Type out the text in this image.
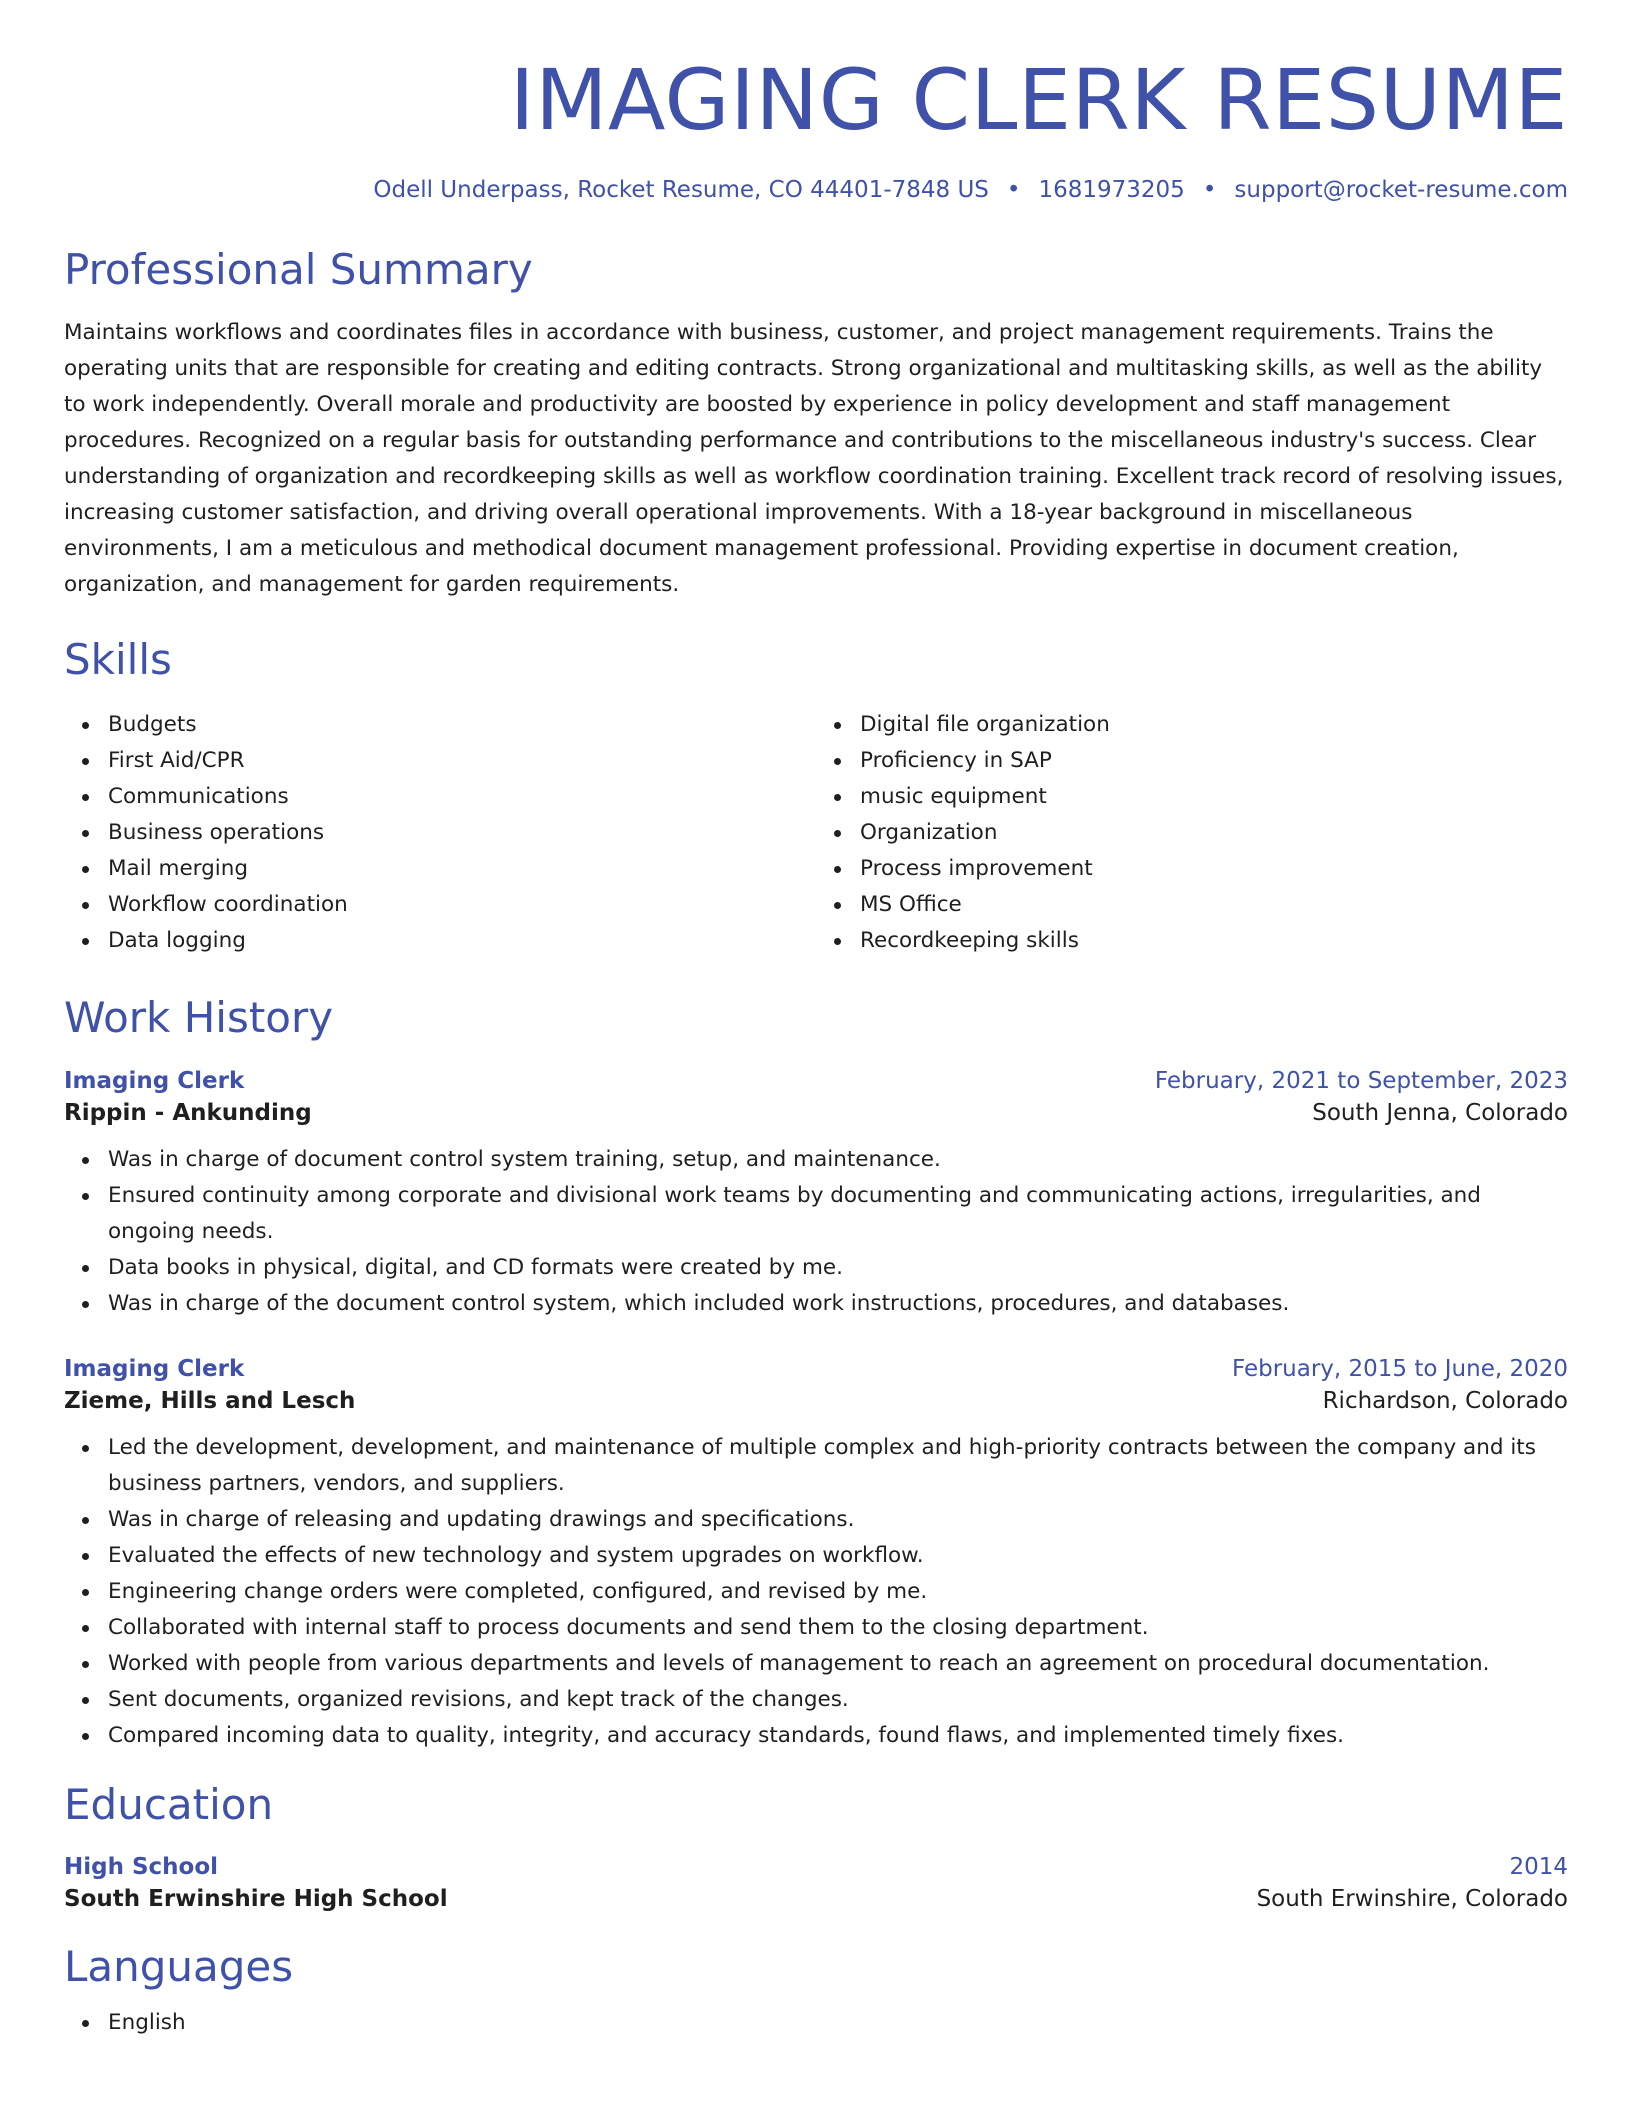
IMAGING CLERK RESUME
Odell Underpass, Rocket Resume, CO 44401-7848 US • 1681973205 • support@rocket-resume.com
Professional Summary
Maintains workflows and coordinates files in accordance with business, customer, and project management requirements. Trains the operating units that are responsible for creating and editing contracts. Strong organizational and multitasking skills, as well as the ability to work independently. Overall morale and productivity are boosted by experience in policy development and staff management procedures. Recognized on a regular basis for outstanding performance and contributions to the miscellaneous industry's success. Clear understanding of organization and recordkeeping skills as well as workflow coordination training. Excellent track record of resolving issues, increasing customer satisfaction, and driving overall operational improvements. With a 18-year background in miscellaneous environments, I am a meticulous and methodical document management professional. Providing expertise in document creation, organization, and management for garden requirements.
Skills
Budgets
First Aid/CPR
Communications
Business operations
Mail merging
Workflow coordination
Data logging
Digital file organization
Proficiency in SAP
music equipment
Organization
Process improvement
MS Office
Recordkeeping skills
Work History
Imaging Clerk	February, 2021 to September, 2023
Rippin - Ankunding	South Jenna, Colorado
Was in charge of document control system training, setup, and maintenance.
Ensured continuity among corporate and divisional work teams by documenting and communicating actions, irregularities, and ongoing needs.
Data books in physical, digital, and CD formats were created by me.
Was in charge of the document control system, which included work instructions, procedures, and databases.
Imaging Clerk	February, 2015 to June, 2020
Zieme, Hills and Lesch	Richardson, Colorado
Led the development, development, and maintenance of multiple complex and high-priority contracts between the company and its business partners, vendors, and suppliers.
Was in charge of releasing and updating drawings and specifications.
Evaluated the effects of new technology and system upgrades on workflow.
Engineering change orders were completed, configured, and revised by me.
Collaborated with internal staff to process documents and send them to the closing department.
Worked with people from various departments and levels of management to reach an agreement on procedural documentation.
Sent documents, organized revisions, and kept track of the changes.
Compared incoming data to quality, integrity, and accuracy standards, found flaws, and implemented timely fixes.
Education
High School	2014
South Erwinshire High School	South Erwinshire, Colorado
Languages
English
